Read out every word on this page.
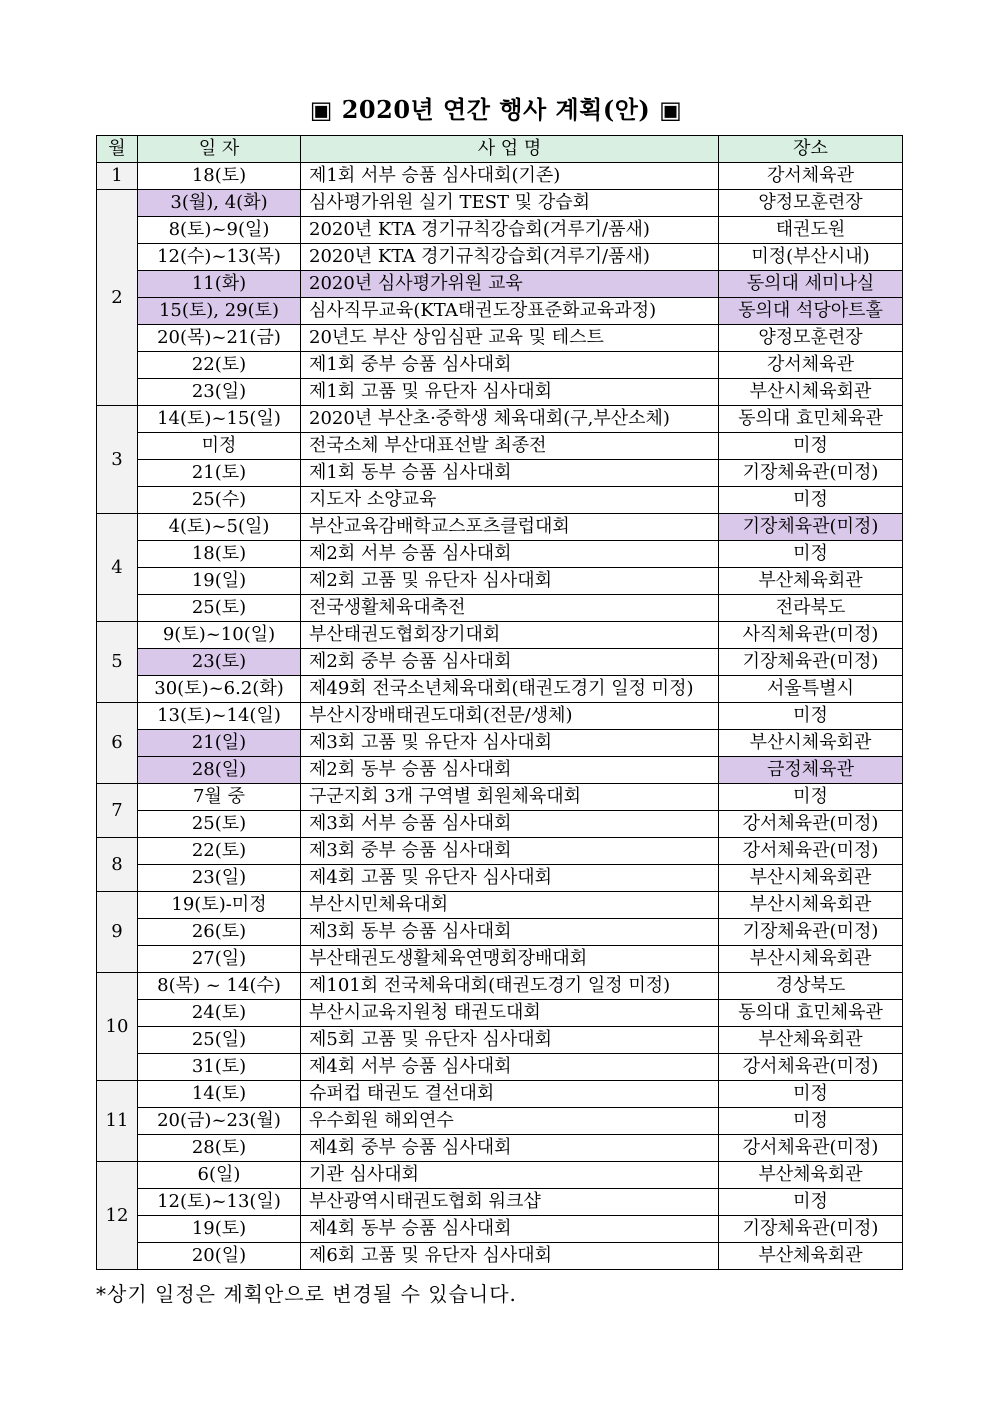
▣ 2020년 연간 행사 계획(안) ▣
월	일 자	사 업 명	장소
1	18(토)	제1회 서부 승품 심사대회(기존)	강서체육관
2	3(월), 4(화)	심사평가위원 실기 TEST 및 강습회	양정모훈련장
	8(토)~9(일)	2020년 KTA 경기규칙강습회(겨루기/품새)	태권도원
	12(수)~13(목)	2020년 KTA 경기규칙강습회(겨루기/품새)	미정(부산시내)
	11(화)	2020년 심사평가위원 교육	동의대 세미나실
	15(토), 29(토)	심사직무교육(KTA태권도장표준화교육과정)	동의대 석당아트홀
	20(목)~21(금)	20년도 부산 상임심판 교육 및 테스트	양정모훈련장
	22(토)	제1회 중부 승품 심사대회	강서체육관
	23(일)	제1회 고품 및 유단자 심사대회	부산시체육회관
3	14(토)~15(일)	2020년 부산초·중학생 체육대회(구,부산소체)	동의대 효민체육관
	미정	전국소체 부산대표선발 최종전	미정
	21(토)	제1회 동부 승품 심사대회	기장체육관(미정)
	25(수)	지도자 소양교육	미정
4	4(토)~5(일)	부산교육감배학교스포츠클럽대회	기장체육관(미정)
	18(토)	제2회 서부 승품 심사대회	미정
	19(일)	제2회 고품 및 유단자 심사대회	부산체육회관
	25(토)	전국생활체육대축전	전라북도
5	9(토)~10(일)	부산태권도협회장기대회	사직체육관(미정)
	23(토)	제2회 중부 승품 심사대회	기장체육관(미정)
	30(토)~6.2(화)	제49회 전국소년체육대회(태권도경기 일정 미정)	서울특별시
6	13(토)~14(일)	부산시장배태권도대회(전문/생체)	미정
	21(일)	제3회 고품 및 유단자 심사대회	부산시체육회관
	28(일)	제2회 동부 승품 심사대회	금정체육관
7	7월 중	구군지회 3개 구역별 회원체육대회	미정
	25(토)	제3회 서부 승품 심사대회	강서체육관(미정)
8	22(토)	제3회 중부 승품 심사대회	강서체육관(미정)
	23(일)	제4회 고품 및 유단자 심사대회	부산시체육회관
9	19(토)-미정	부산시민체육대회	부산시체육회관
	26(토)	제3회 동부 승품 심사대회	기장체육관(미정)
	27(일)	부산태권도생활체육연맹회장배대회	부산시체육회관
10	8(목) ~ 14(수)	제101회 전국체육대회(태권도경기 일정 미정)	경상북도
	24(토)	부산시교육지원청 태권도대회	동의대 효민체육관
	25(일)	제5회 고품 및 유단자 심사대회	부산체육회관
	31(토)	제4회 서부 승품 심사대회	강서체육관(미정)
11	14(토)	슈퍼컵 태권도 결선대회	미정
	20(금)~23(월)	우수회원 해외연수	미정
	28(토)	제4회 중부 승품 심사대회	강서체육관(미정)
12	6(일)	기관 심사대회	부산체육회관
	12(토)~13(일)	부산광역시태권도협회 워크샵	미정
	19(토)	제4회 동부 승품 심사대회	기장체육관(미정)
	20(일)	제6회 고품 및 유단자 심사대회	부산체육회관
*상기 일정은 계획안으로 변경될 수 있습니다.
